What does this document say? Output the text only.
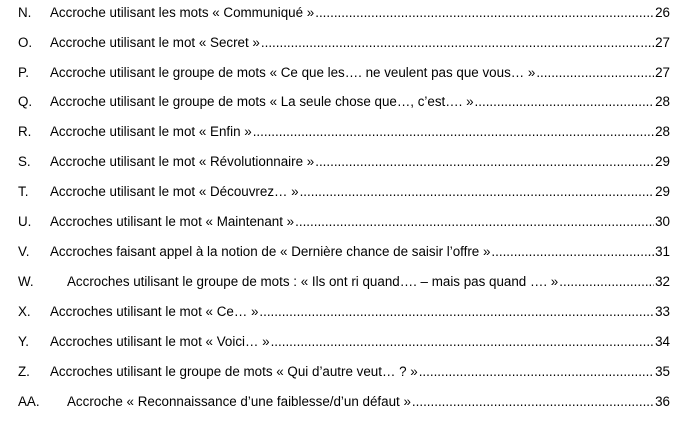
N.	Accroche utilisant les mots « Communiqué » .....	26
O.	Accroche utilisant le mot « Secret » .....	27
P.	Accroche utilisant le groupe de mots « Ce que les…. ne veulent pas que vous… » .....	27
Q.	Accroche utilisant le groupe de mots « La seule chose que…, c’est…. » .....	28
R.	Accroche utilisant le mot « Enfin » .....	28
S.	Accroche utilisant le mot « Révolutionnaire » .....	29
T.	Accroche utilisant le mot « Découvrez… » .....	29
U.	Accroches utilisant le mot « Maintenant » .....	30
V.	Accroches faisant appel à la notion de « Dernière chance de saisir l’offre » .....	31
W.	Accroches utilisant le groupe de mots : « Ils ont ri quand…. – mais pas quand …. » .....	32
X.	Accroches utilisant le mot « Ce… » .....	33
Y.	Accroches utilisant le mot « Voici… » .....	34
Z.	Accroches utilisant le groupe de mots « Qui d’autre veut… ? » .....	35
AA.	Accroche « Reconnaissance d’une faiblesse/d’un défaut » .....	36
